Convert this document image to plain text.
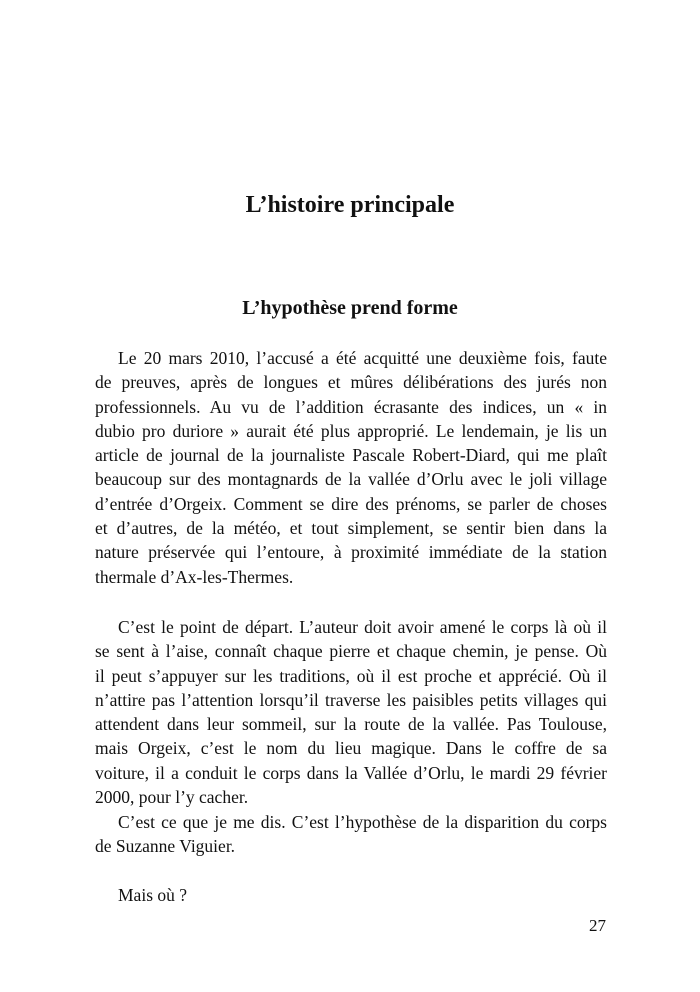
L’histoire principale
L’hypothèse prend forme
Le 20 mars 2010, l’accusé a été acquitté une deuxième fois, faute
de preuves, après de longues et mûres délibérations des jurés non
professionnels. Au vu de l’addition écrasante des indices, un « in
dubio pro duriore » aurait été plus approprié. Le lendemain, je lis un
article de journal de la journaliste Pascale Robert-Diard, qui me plaît
beaucoup sur des montagnards de la vallée d’Orlu avec le joli village
d’entrée d’Orgeix. Comment se dire des prénoms, se parler de choses
et d’autres, de la météo, et tout simplement, se sentir bien dans la
nature préservée qui l’entoure, à proximité immédiate de la station
thermale d’Ax-les-Thermes.
C’est le point de départ. L’auteur doit avoir amené le corps là où il
se sent à l’aise, connaît chaque pierre et chaque chemin, je pense. Où
il peut s’appuyer sur les traditions, où il est proche et apprécié. Où il
n’attire pas l’attention lorsqu’il traverse les paisibles petits villages qui
attendent dans leur sommeil, sur la route de la vallée. Pas Toulouse,
mais Orgeix, c’est le nom du lieu magique. Dans le coffre de sa
voiture, il a conduit le corps dans la Vallée d’Orlu, le mardi 29 février
2000, pour l’y cacher.
C’est ce que je me dis. C’est l’hypothèse de la disparition du corps
de Suzanne Viguier.
Mais où ?
27
